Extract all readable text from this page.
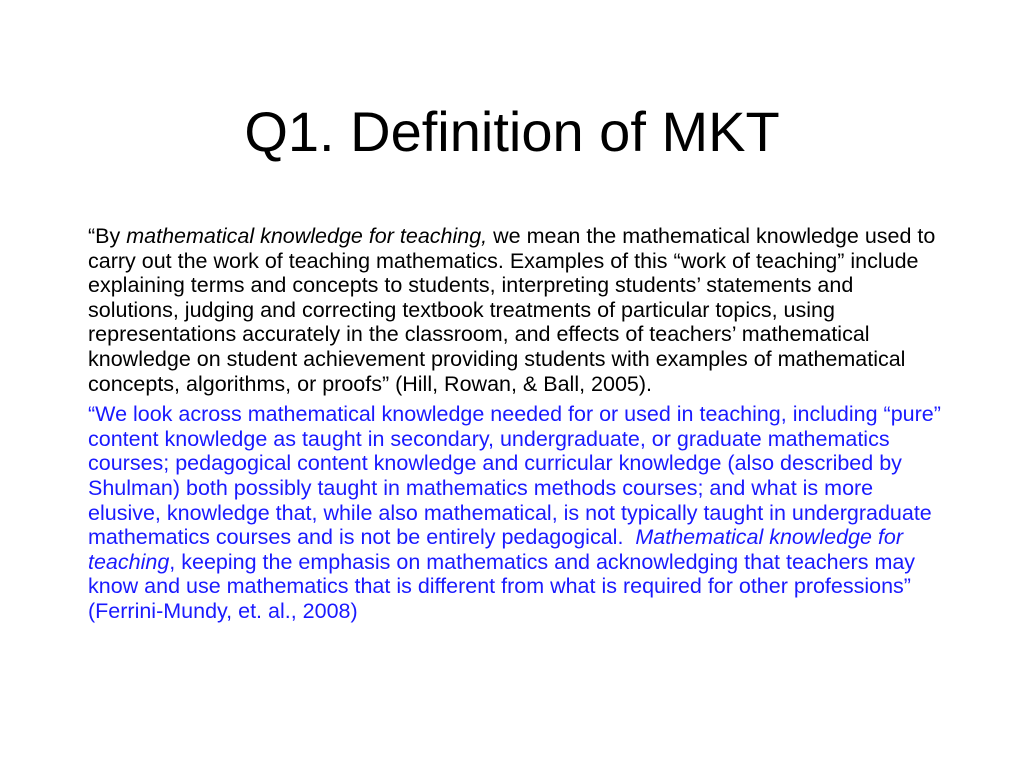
Q1. Definition of MKT

“By mathematical knowledge for teaching, we mean the mathematical knowledge used to carry out the work of teaching mathematics. Examples of this “work of teaching” include explaining terms and concepts to students, interpreting students’ statements and solutions, judging and correcting textbook treatments of particular topics, using representations accurately in the classroom, and effects of teachers’ mathematical knowledge on student achievement providing students with examples of mathematical concepts, algorithms, or proofs” (Hill, Rowan, & Ball, 2005).

“We look across mathematical knowledge needed for or used in teaching, including “pure” content knowledge as taught in secondary, undergraduate, or graduate mathematics courses; pedagogical content knowledge and curricular knowledge (also described by Shulman) both possibly taught in mathematics methods courses; and what is more elusive, knowledge that, while also mathematical, is not typically taught in undergraduate mathematics courses and is not be entirely pedagogical.  Mathematical knowledge for teaching, keeping the emphasis on mathematics and acknowledging that teachers may know and use mathematics that is different from what is required for other professions” (Ferrini-Mundy, et. al., 2008)
